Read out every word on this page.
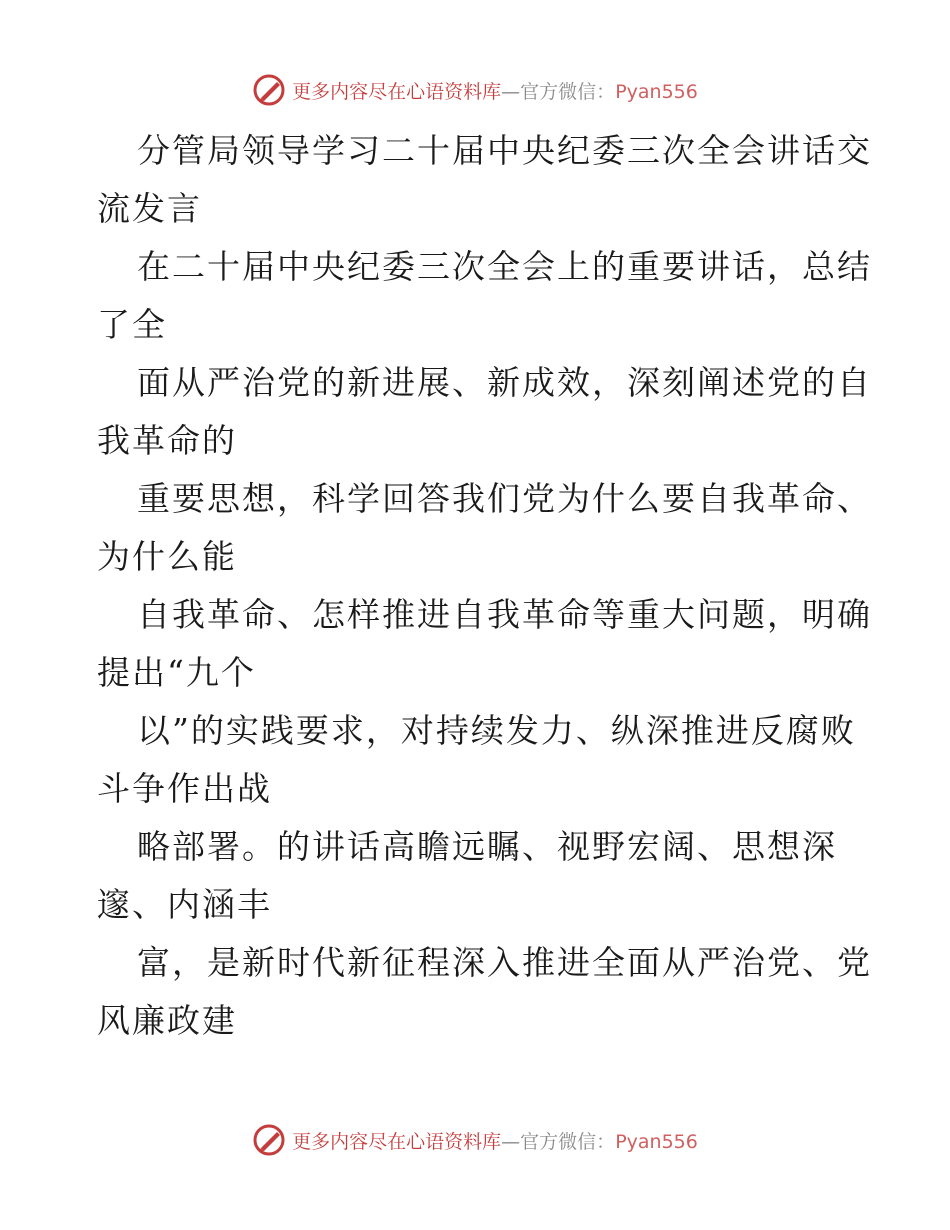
更多内容尽在心语资料库—官方微信：Pyan556
分管局领导学习二十届中央纪委三次全会讲话交
流发言
在二十届中央纪委三次全会上的重要讲话，总结
了全
面从严治党的新进展、新成效，深刻阐述党的自
我革命的
重要思想，科学回答我们党为什么要自我革命、
为什么能
自我革命、怎样推进自我革命等重大问题，明确
提出“九个
以”的实践要求，对持续发力、纵深推进反腐败
斗争作出战
略部署。的讲话高瞻远瞩、视野宏阔、思想深
邃、内涵丰
富，是新时代新征程深入推进全面从严治党、党
风廉政建
更多内容尽在心语资料库—官方微信：Pyan556
